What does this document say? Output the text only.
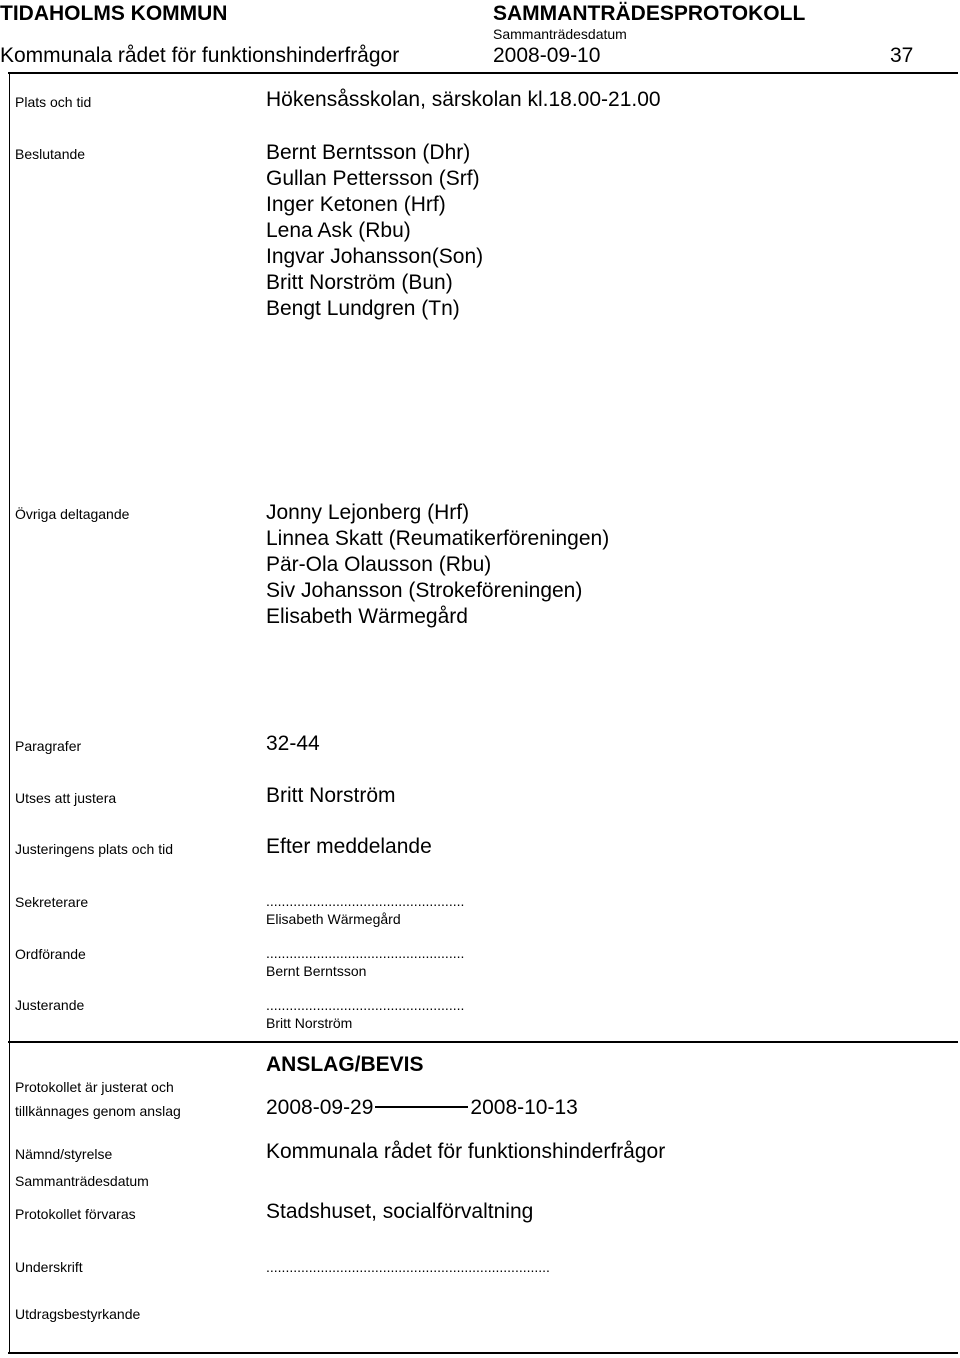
TIDAHOLMS KOMMUN	SAMMANTRÄDESPROTOKOLL
Sammanträdesdatum
Kommunala rådet för funktionshinderfrågor	2008-09-10	37
Plats och tid	Hökensåsskolan, särskolan kl.18.00-21.00
Beslutande	Bernt Berntsson (Dhr)
Gullan Pettersson (Srf)
Inger Ketonen (Hrf)
Lena Ask (Rbu)
Ingvar Johansson(Son)
Britt Norström (Bun)
Bengt Lundgren (Tn)
Övriga deltagande	Jonny Lejonberg (Hrf)
Linnea Skatt (Reumatikerföreningen)
Pär-Ola Olausson (Rbu)
Siv Johansson (Strokeföreningen)
Elisabeth Wärmegård
Paragrafer	32-44
Utses att justera	Britt Norström
Justeringens plats och tid	Efter meddelande
Sekreterare	...................................................
Elisabeth Wärmegård
Ordförande	...................................................
Bernt Berntsson
Justerande	...................................................
Britt Norström
ANSLAG/BEVIS
Protokollet är justerat och
tillkännages genom anslag	2008-09-29	2008-10-13
Nämnd/styrelse	Kommunala rådet för funktionshinderfrågor
Sammanträdesdatum
Protokollet förvaras	Stadshuset, socialförvaltning
Underskrift	.........................................................................
Utdragsbestyrkande
